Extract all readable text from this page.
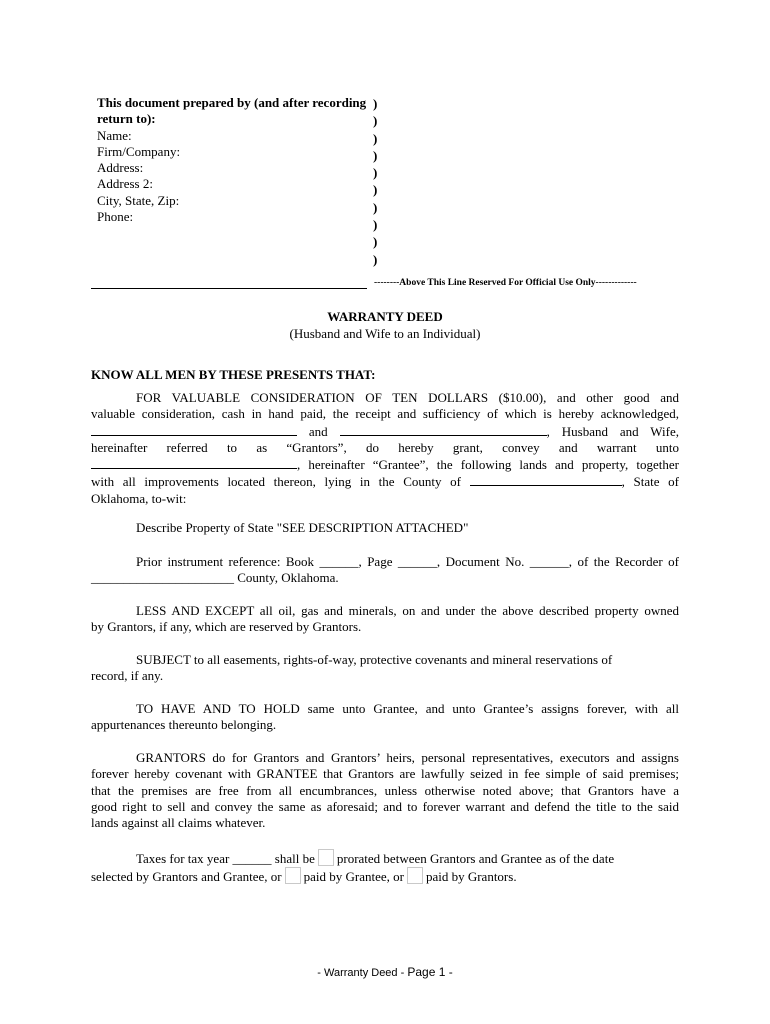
This document prepared by (and after recording return to):
Name:
Firm/Company:
Address:
Address 2:
City, State, Zip:
Phone:
)
)
)
)
)
)
)
)
)
)
--------Above This Line Reserved For Official Use Only-------------
WARRANTY DEED
(Husband and Wife to an Individual)
KNOW ALL MEN BY THESE PRESENTS THAT:
FOR VALUABLE CONSIDERATION OF TEN DOLLARS ($10.00), and other good and
valuable consideration, cash in hand paid, the receipt and sufficiency of which is hereby acknowledged,
and	, Husband and Wife,
hereinafter referred to as “Grantors”, do hereby grant, convey and warrant unto
, hereinafter “Grantee”, the following lands and property, together
with all improvements located thereon, lying in the County of	, State of
Oklahoma, to-wit:
Describe Property of State "SEE DESCRIPTION ATTACHED"
Prior instrument reference: Book ______, Page ______, Document No. ______, of the Recorder of
______________________ County, Oklahoma.
LESS AND EXCEPT all oil, gas and minerals, on and under the above described property owned
by Grantors, if any, which are reserved by Grantors.
SUBJECT to all easements, rights-of-way, protective covenants and mineral reservations of
record, if any.
TO HAVE AND TO HOLD same unto Grantee, and unto Grantee’s assigns forever, with all
appurtenances thereunto belonging.
GRANTORS do for Grantors and Grantors’ heirs, personal representatives, executors and assigns
forever hereby covenant with GRANTEE that Grantors are lawfully seized in fee simple of said premises;
that the premises are free from all encumbrances, unless otherwise noted above; that Grantors have a
good right to sell and convey the same as aforesaid; and to forever warrant and defend the title to the said
lands against all claims whatever.
Taxes for tax year ______ shall be prorated between Grantors and Grantee as of the date
selected by Grantors and Grantee, or paid by Grantee, or paid by Grantors.
- Warranty Deed - Page 1 -
